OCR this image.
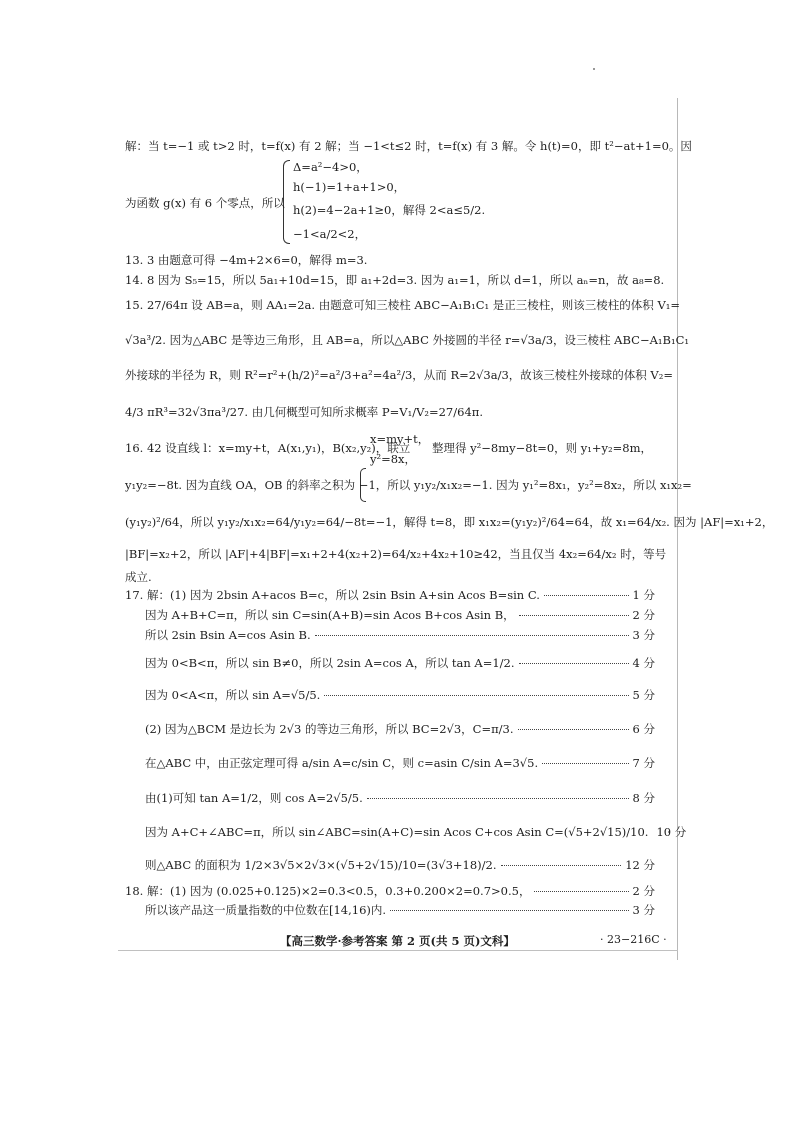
解：当 t=−1 或 t>2 时，t=f(x) 有 2 解；当 −1<t≤2 时，t=f(x) 有 3 解。令 h(t)=0，即 t²−at+1=0。因
Δ=a²−4>0，
为函数 g(x) 有 6 个零点，所以
h(−1)=1+a+1>0，
h(2)=4−2a+1≥0，解得 2<a≤5/2.
−1<a/2<2，
13. 3 由题意可得 −4m+2×6=0，解得 m=3.
14. 8 因为 S₅=15，所以 5a₁+10d=15，即 a₁+2d=3. 因为 a₁=1，所以 d=1，所以 aₙ=n，故 a₈=8.
15. 27/64π 设 AB=a，则 AA₁=2a. 由题意可知三棱柱 ABC−A₁B₁C₁ 是正三棱柱，则该三棱柱的体积 V₁=
√3a³/2. 因为△ABC 是等边三角形，且 AB=a，所以△ABC 外接圆的半径 r=√3a/3，设三棱柱 ABC−A₁B₁C₁
外接球的半径为 R，则 R²=r²+(h/2)²=a²/3+a²=4a²/3，从而 R=2√3a/3，故该三棱柱外接球的体积 V₂=
4/3 πR³=32√3πa³/27. 由几何概型可知所求概率 P=V₁/V₂=27/64π.
16. 42 设直线 l：x=my+t，A(x₁,y₁)，B(x₂,y₂)，联立
x=my+t，
y²=8x，
整理得 y²−8my−8t=0，则 y₁+y₂=8m，
y₁y₂=−8t. 因为直线 OA，OB 的斜率之积为 −1，所以 y₁y₂/x₁x₂=−1. 因为 y₁²=8x₁，y₂²=8x₂，所以 x₁x₂=
(y₁y₂)²/64，所以 y₁y₂/x₁x₂=64/y₁y₂=64/−8t=−1，解得 t=8，即 x₁x₂=(y₁y₂)²/64=64，故 x₁=64/x₂. 因为 |AF|=x₁+2，
|BF|=x₂+2，所以 |AF|+4|BF|=x₁+2+4(x₂+2)=64/x₂+4x₂+10≥42，当且仅当 4x₂=64/x₂ 时，等号
成立.
17. 解：(1) 因为 2bsin A+acos B=c，所以 2sin Bsin A+sin Acos B=sin C.	1 分
因为 A+B+C=π，所以 sin C=sin(A+B)=sin Acos B+cos Asin B，	2 分
所以 2sin Bsin A=cos Asin B.	3 分
因为 0<B<π，所以 sin B≠0，所以 2sin A=cos A，所以 tan A=1/2.	4 分
因为 0<A<π，所以 sin A=√5/5.	5 分
(2) 因为△BCM 是边长为 2√3 的等边三角形，所以 BC=2√3，C=π/3.	6 分
在△ABC 中，由正弦定理可得 a/sin A=c/sin C，则 c=asin C/sin A=3√5.	7 分
由(1)可知 tan A=1/2，则 cos A=2√5/5.	8 分
因为 A+C+∠ABC=π，所以 sin∠ABC=sin(A+C)=sin Acos C+cos Asin C=(√5+2√15)/10. 10 分
则△ABC 的面积为 1/2×3√5×2√3×(√5+2√15)/10=(3√3+18)/2.	12 分
18. 解：(1) 因为 (0.025+0.125)×2=0.3<0.5，0.3+0.200×2=0.7>0.5，	2 分
所以该产品这一质量指数的中位数在[14,16)内.	3 分
【高三数学·参考答案 第 2 页(共 5 页)文科】	· 23−216C ·
